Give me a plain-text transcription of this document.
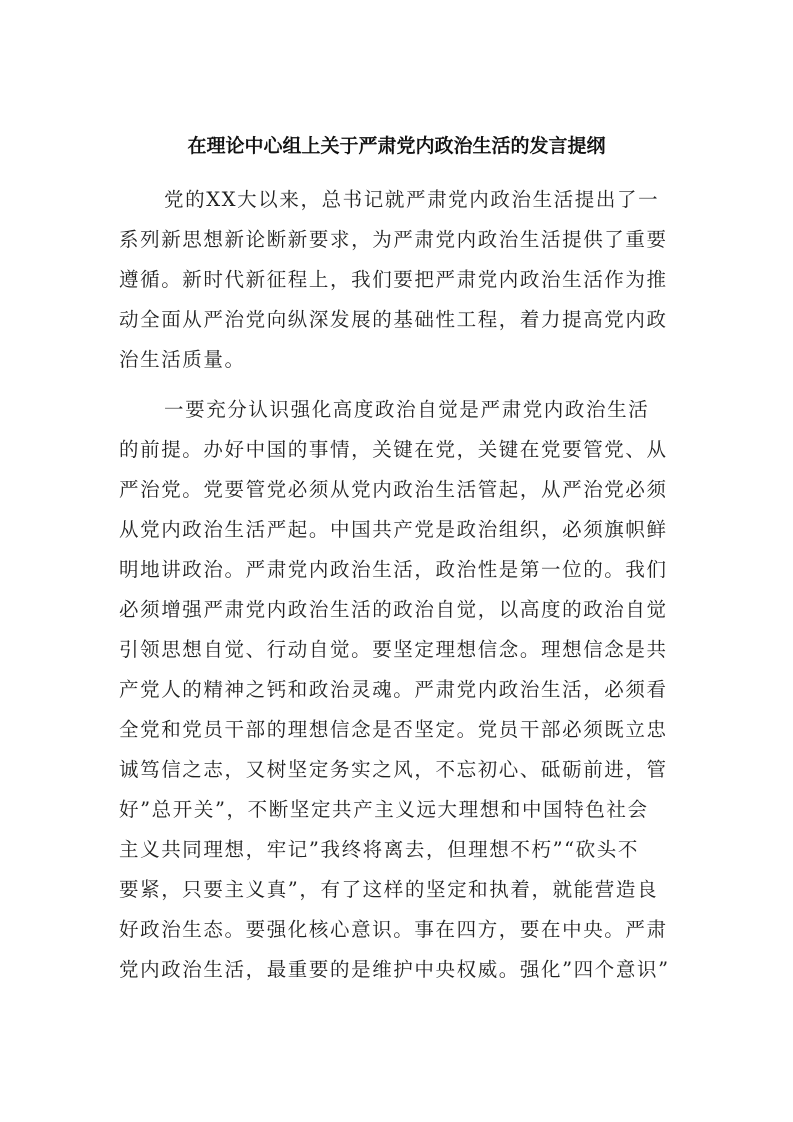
在理论中心组上关于严肃党内政治生活的发言提纲
党的XX大以来，总书记就严肃党内政治生活提出了一
系列新思想新论断新要求，为严肃党内政治生活提供了重要
遵循。新时代新征程上，我们要把严肃党内政治生活作为推
动全面从严治党向纵深发展的基础性工程，着力提高党内政
治生活质量。
一要充分认识强化高度政治自觉是严肃党内政治生活
的前提。办好中国的事情，关键在党，关键在党要管党、从
严治党。党要管党必须从党内政治生活管起，从严治党必须
从党内政治生活严起。中国共产党是政治组织，必须旗帜鲜
明地讲政治。严肃党内政治生活，政治性是第一位的。我们
必须增强严肃党内政治生活的政治自觉，以高度的政治自觉
引领思想自觉、行动自觉。要坚定理想信念。理想信念是共
产党人的精神之钙和政治灵魂。严肃党内政治生活，必须看
全党和党员干部的理想信念是否坚定。党员干部必须既立忠
诚笃信之志，又树坚定务实之风，不忘初心、砥砺前进，管
好”总开关”，不断坚定共产主义远大理想和中国特色社会
主义共同理想，牢记”我终将离去，但理想不朽”“砍头不
要紧，只要主义真”，有了这样的坚定和执着，就能营造良
好政治生态。要强化核心意识。事在四方，要在中央。严肃
党内政治生活，最重要的是维护中央权威。强化”四个意识”
